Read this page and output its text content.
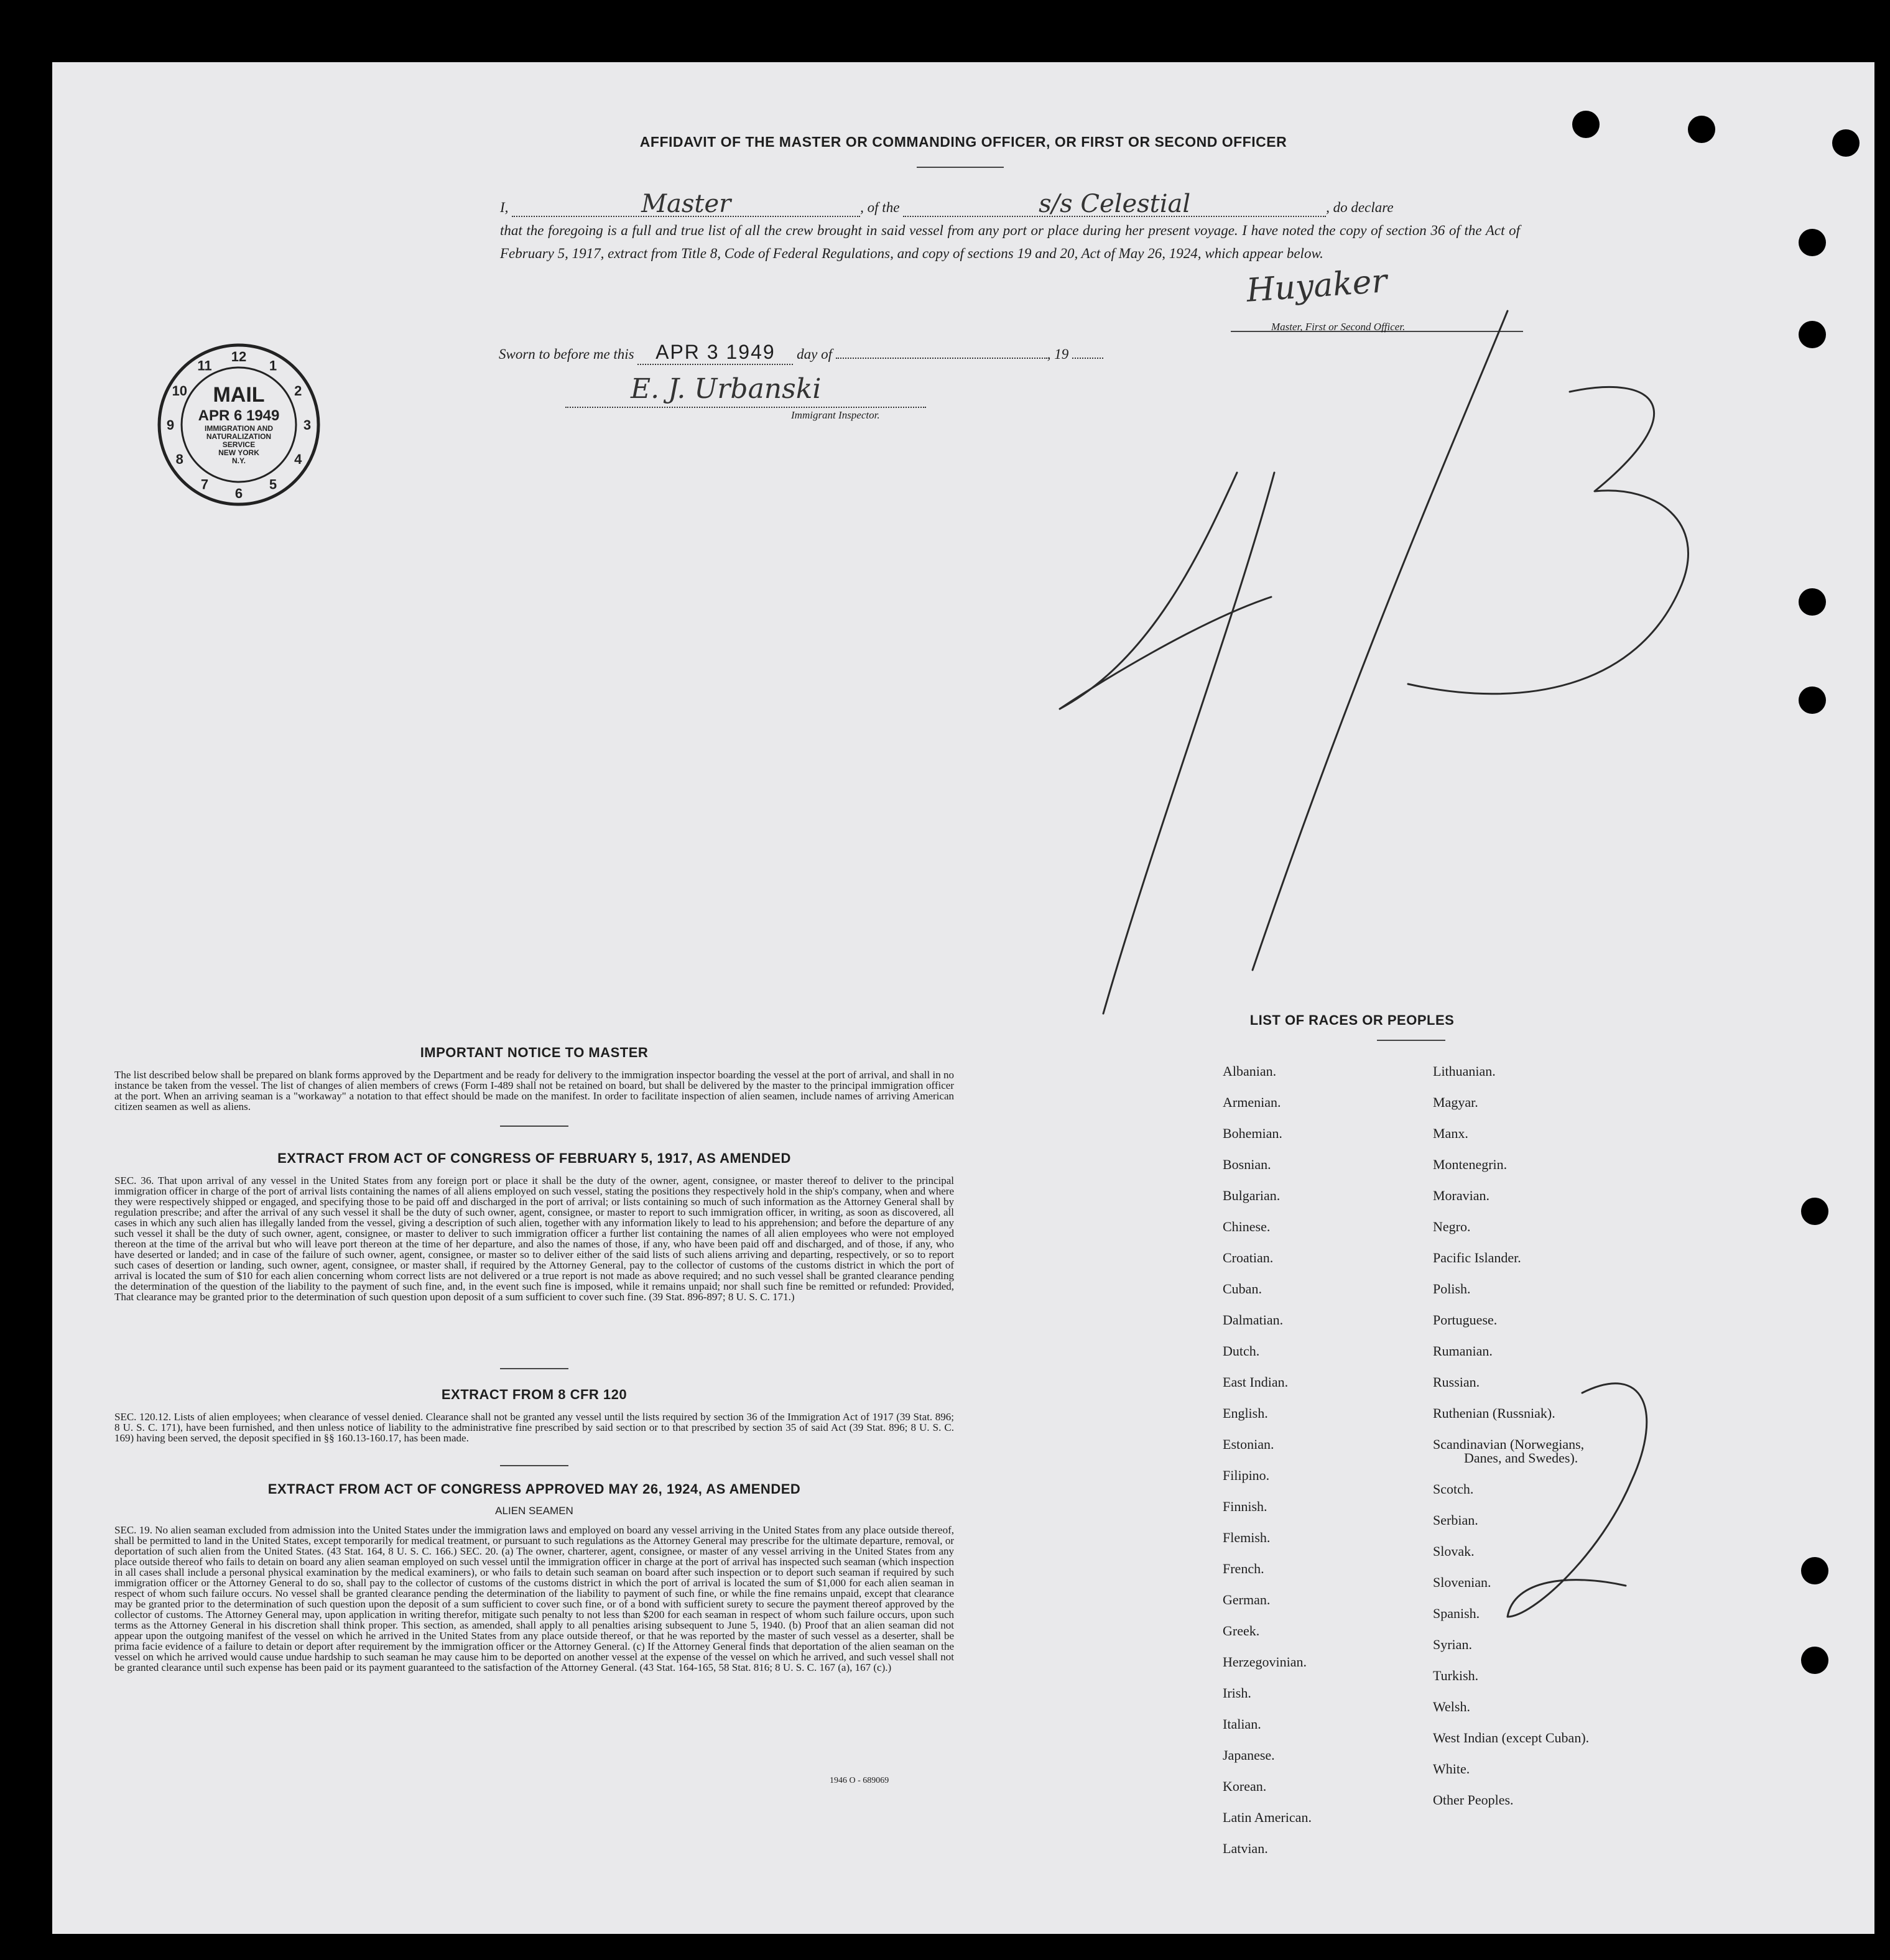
AFFIDAVIT OF THE MASTER OR COMMANDING OFFICER, OR FIRST OR SECOND OFFICER
I,	Master	, of the	s/s Celestial	, do declare
that the foregoing is a full and true list of all the crew brought in said vessel from any port or place during her present voyage. I have noted the copy of section 36 of the Act of February 5, 1917, extract from Title 8, Code of Federal Regulations, and copy of sections 19 and 20, Act of May 26, 1924, which appear below.
Huyaker
Master, First or Second Officer.
Sworn to before me this APR 3 1949 day of	, 19
E. J. Urbanski
Immigrant Inspector.
12
1
2
3
4
5
6
7
8
9
10
11
MAIL
APR 6 1949
IMMIGRATION AND
NATURALIZATION
SERVICE
NEW YORK
N.Y.
IMPORTANT NOTICE TO MASTER
The list described below shall be prepared on blank forms approved by the Department and be ready for delivery to the immigration inspector boarding the vessel at the port of arrival, and shall in no instance be taken from the vessel. The list of changes of alien members of crews (Form I-489 shall not be retained on board, but shall be delivered by the master to the principal immigration officer at the port. When an arriving seaman is a "workaway" a notation to that effect should be made on the manifest. In order to facilitate inspection of alien seamen, include names of arriving American citizen seamen as well as aliens.
EXTRACT FROM ACT OF CONGRESS OF FEBRUARY 5, 1917, AS AMENDED
SEC. 36. That upon arrival of any vessel in the United States from any foreign port or place it shall be the duty of the owner, agent, consignee, or master thereof to deliver to the principal immigration officer in charge of the port of arrival lists containing the names of all aliens employed on such vessel, stating the positions they respectively hold in the ship's company, when and where they were respectively shipped or engaged, and specifying those to be paid off and discharged in the port of arrival; or lists containing so much of such information as the Attorney General shall by regulation prescribe; and after the arrival of any such vessel it shall be the duty of such owner, agent, consignee, or master to report to such immigration officer, in writing, as soon as discovered, all cases in which any such alien has illegally landed from the vessel, giving a description of such alien, together with any information likely to lead to his apprehension; and before the departure of any such vessel it shall be the duty of such owner, agent, consignee, or master to deliver to such immigration officer a further list containing the names of all alien employees who were not employed thereon at the time of the arrival but who will leave port thereon at the time of her departure, and also the names of those, if any, who have been paid off and discharged, and of those, if any, who have deserted or landed; and in case of the failure of such owner, agent, consignee, or master so to deliver either of the said lists of such aliens arriving and departing, respectively, or so to report such cases of desertion or landing, such owner, agent, consignee, or master shall, if required by the Attorney General, pay to the collector of customs of the customs district in which the port of arrival is located the sum of $10 for each alien concerning whom correct lists are not delivered or a true report is not made as above required; and no such vessel shall be granted clearance pending the determination of the question of the liability to the payment of such fine, and, in the event such fine is imposed, while it remains unpaid; nor shall such fine be remitted or refunded: Provided, That clearance may be granted prior to the determination of such question upon deposit of a sum sufficient to cover such fine. (39 Stat. 896-897; 8 U. S. C. 171.)
EXTRACT FROM 8 CFR 120
SEC. 120.12. Lists of alien employees; when clearance of vessel denied. Clearance shall not be granted any vessel until the lists required by section 36 of the Immigration Act of 1917 (39 Stat. 896; 8 U. S. C. 171), have been furnished, and then unless notice of liability to the administrative fine prescribed by said section or to that prescribed by section 35 of said Act (39 Stat. 896; 8 U. S. C. 169) having been served, the deposit specified in §§ 160.13-160.17, has been made.
EXTRACT FROM ACT OF CONGRESS APPROVED MAY 26, 1924, AS AMENDED
ALIEN SEAMEN
SEC. 19. No alien seaman excluded from admission into the United States under the immigration laws and employed on board any vessel arriving in the United States from any place outside thereof, shall be permitted to land in the United States, except temporarily for medical treatment, or pursuant to such regulations as the Attorney General may prescribe for the ultimate departure, removal, or deportation of such alien from the United States. (43 Stat. 164, 8 U. S. C. 166.) SEC. 20. (a) The owner, charterer, agent, consignee, or master of any vessel arriving in the United States from any place outside thereof who fails to detain on board any alien seaman employed on such vessel until the immigration officer in charge at the port of arrival has inspected such seaman (which inspection in all cases shall include a personal physical examination by the medical examiners), or who fails to detain such seaman on board after such inspection or to deport such seaman if required by such immigration officer or the Attorney General to do so, shall pay to the collector of customs of the customs district in which the port of arrival is located the sum of $1,000 for each alien seaman in respect of whom such failure occurs. No vessel shall be granted clearance pending the determination of the liability to payment of such fine, or while the fine remains unpaid, except that clearance may be granted prior to the determination of such question upon the deposit of a sum sufficient to cover such fine, or of a bond with sufficient surety to secure the payment thereof approved by the collector of customs. The Attorney General may, upon application in writing therefor, mitigate such penalty to not less than $200 for each seaman in respect of whom such failure occurs, upon such terms as the Attorney General in his discretion shall think proper. This section, as amended, shall apply to all penalties arising subsequent to June 5, 1940. (b) Proof that an alien seaman did not appear upon the outgoing manifest of the vessel on which he arrived in the United States from any place outside thereof, or that he was reported by the master of such vessel as a deserter, shall be prima facie evidence of a failure to detain or deport after requirement by the immigration officer or the Attorney General. (c) If the Attorney General finds that deportation of the alien seaman on the vessel on which he arrived would cause undue hardship to such seaman he may cause him to be deported on another vessel at the expense of the vessel on which he arrived, and such vessel shall not be granted clearance until such expense has been paid or its payment guaranteed to the satisfaction of the Attorney General. (43 Stat. 164-165, 58 Stat. 816; 8 U. S. C. 167 (a), 167 (c).)
1946 O - 689069
LIST OF RACES OR PEOPLES
Albanian.
Armenian.
Bohemian.
Bosnian.
Bulgarian.
Chinese.
Croatian.
Cuban.
Dalmatian.
Dutch.
East Indian.
English.
Estonian.
Filipino.
Finnish.
Flemish.
French.
German.
Greek.
Herzegovinian.
Irish.
Italian.
Japanese.
Korean.
Latin American.
Latvian.
Lithuanian.
Magyar.
Manx.
Montenegrin.
Moravian.
Negro.
Pacific Islander.
Polish.
Portuguese.
Rumanian.
Russian.
Ruthenian (Russniak).
Scandinavian (Norwegians,
Danes, and Swedes).
Scotch.
Serbian.
Slovak.
Slovenian.
Spanish.
Syrian.
Turkish.
Welsh.
West Indian (except Cuban).
White.
Other Peoples.
